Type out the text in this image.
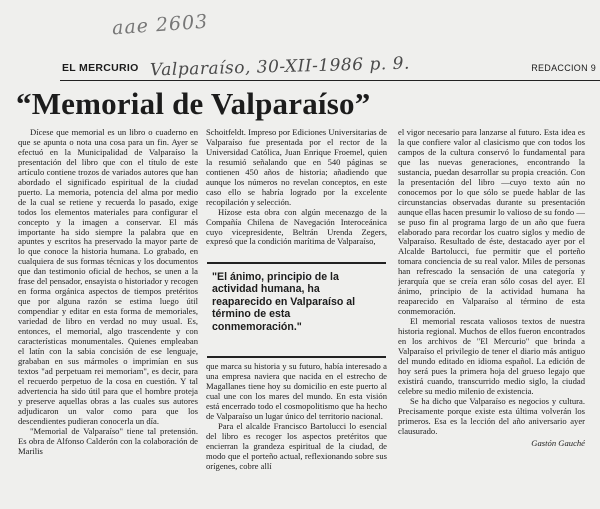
aae 2603
Valparaíso, 30-XII-1986 p. 9.
EL MERCURIO	REDACCION 9
“Memorial de Valparaíso”

Dícese que memorial es un libro o cuaderno en que se apunta o nota una cosa para un fin. Ayer se efectuó en la Municipalidad de Valparaíso la presentación del libro que con el título de este artículo contiene trozos de variados autores que han abordado el significado espiritual de la ciudad puerto. La memoria, potencia del alma por medio de la cual se retiene y recuerda lo pasado, exige todos los elementos materiales para configurar el concepto y la imagen a conservar. El más importante ha sido siempre la palabra que en apuntes y escritos ha preservado la mayor parte de lo que conoce la historia humana. Lo grabado, en cualquiera de sus formas técnicas y los documentos que dan testimonio oficial de hechos, se unen a la frase del pensador, ensayista o historiador y recogen en forma orgánica aspectos de tiempos pretéritos que por alguna razón se estima luego útil compendiar y editar en esta forma de memoriales, variedad de libro en verdad no muy usual. Es, entonces, el memorial, algo trascendente y con características monumentales. Quienes empleaban el latín con la sabia concisión de ese lenguaje, grababan en sus mármoles o imprimían en sus textos "ad perpetuam rei memoriam", es decir, para el recuerdo perpetuo de la cosa en cuestión. Y tal advertencia ha sido útil para que el hombre proteja y preserve aquellas obras a las cuales sus autores adjudicaron un valor como para que los descendientes pudieran conocerla un día.

"Memorial de Valparaíso" tiene tal pretensión. Es obra de Alfonso Calderón con la colaboración de Marilis

Schoitfeldt. Impreso por Ediciones Universitarias de Valparaíso fue presentada por el rector de la Universidad Católica, Juan Enrique Froemel, quien la resumió señalando que en 540 páginas se contienen 450 años de historia; añadiendo que aunque los números no revelan conceptos, en este caso ello se habría logrado por la excelente recopilación y selección.

Hízose esta obra con algún mecenazgo de la Compañía Chilena de Navegación Interoceánica cuyo vicepresidente, Beltrán Urenda Zegers, expresó que la condición marítima de Valparaíso,

"El ánimo, principio de la actividad humana, ha reaparecido en Valparaíso al término de esta conmemoración."

que marca su historia y su futuro, había interesado a una empresa naviera que nacida en el estrecho de Magallanes tiene hoy su domicilio en este puerto al cual une con los mares del mundo. En esta visión está encerrado todo el cosmopolitismo que ha hecho de Valparaíso un lugar único del territorio nacional.

Para el alcalde Francisco Bartolucci lo esencial del libro es recoger los aspectos pretéritos que encierran la grandeza espiritual de la ciudad, de modo que el porteño actual, reflexionando sobre sus orígenes, cobre allí

el vigor necesario para lanzarse al futuro. Esta idea es la que confiere valor al clasicismo que con todos los campos de la cultura conservó lo fundamental para que las nuevas generaciones, encontrando la sustancia, puedan desarrollar su propia creación. Con la presentación del libro —cuyo texto aún no conocemos por lo que sólo se puede hablar de las circunstancias observadas durante su presentación aunque ellas hacen presumir lo valioso de su fondo —se puso fin al programa largo de un año que fuera elaborado para recordar los cuatro siglos y medio de Valparaíso. Resultado de éste, destacado ayer por el Alcalde Bartolucci, fue permitir que el porteño tomara conciencia de su real valor. Miles de personas han refrescado la sensación de una categoría y jerarquía que se creía eran sólo cosas del ayer. El ánimo, principio de la actividad humana ha reaparecido en Valparaíso al término de esta conmemoración.

El memorial rescata valiosos textos de nuestra historia regional. Muchos de ellos fueron encontrados en los archivos de "El Mercurio" que brinda a Valparaíso el privilegio de tener el diario más antiguo del mundo editado en idioma español. La edición de hoy será pues la primera hoja del grueso legajo que existirá cuando, transcurrido medio siglo, la ciudad celebre su medio milenio de existencia.

Se ha dicho que Valparaíso es negocios y cultura. Precisamente porque existe esta última volverán los primeros. Esa es la lección del año aniversario ayer clausurado.

Gastón Gauché
